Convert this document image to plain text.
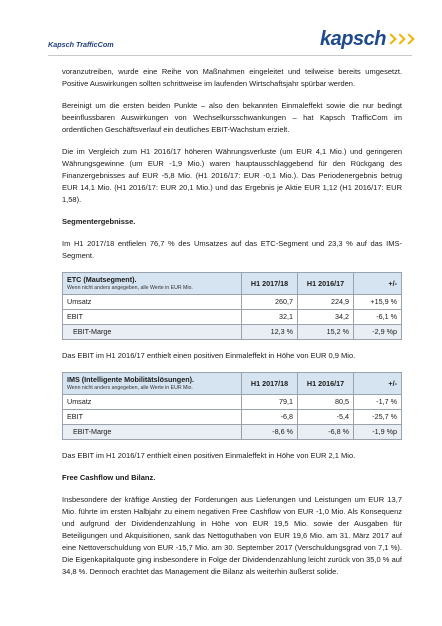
Kapsch TrafficCom	kapsch

voranzutreiben, wurde eine Reihe von Maßnahmen eingeleitet und teilweise bereits umgesetzt. Positive Auswirkungen sollten schrittweise im laufenden Wirtschaftsjahr spürbar werden.

Bereinigt um die ersten beiden Punkte – also den bekannten Einmaleffekt sowie die nur bedingt beeinflussbaren Auswirkungen von Wechselkursschwankungen – hat Kapsch TrafficCom im ordentlichen Geschäftsverlauf ein deutliches EBIT-Wachstum erzielt.

Die im Vergleich zum H1 2016/17 höheren Währungsverluste (um EUR 4,1 Mio.) und geringeren Währungsgewinne (um EUR -1,9 Mio.) waren hauptausschlaggebend für den Rückgang des Finanzergebnisses auf EUR -5,8 Mio. (H1 2016/17: EUR -0,1 Mio.). Das Periodenergebnis betrug EUR 14,1 Mio. (H1 2016/17: EUR 20,1 Mio.) und das Ergebnis je Aktie EUR 1,12 (H1 2016/17: EUR 1,58).

Segmentergebnisse.

Im H1 2017/18 entfielen 76,7 % des Umsatzes auf das ETC-Segment und 23,3 % auf das IMS-Segment.

ETC (Mautsegment).
Wenn nicht anders angegeben, alle Werte in EUR Mio.	H1 2017/18	H1 2016/17	+/-
Umsatz	260,7	224,9	+15,9 %
EBIT	32,1	34,2	-6,1 %
EBIT-Marge	12,3 %	15,2 %	-2,9 %p

Das EBIT im H1 2016/17 enthielt einen positiven Einmaleffekt in Höhe von EUR 0,9 Mio.

IMS (Intelligente Mobilitätslösungen).
Wenn nicht anders angegeben, alle Werte in EUR Mio.	H1 2017/18	H1 2016/17	+/-
Umsatz	79,1	80,5	-1,7 %
EBIT	-6,8	-5,4	-25,7 %
EBIT-Marge	-8,6 %	-6,8 %	-1,9 %p

Das EBIT im H1 2016/17 enthielt einen positiven Einmaleffekt in Höhe von EUR 2,1 Mio.

Free Cashflow und Bilanz.

Insbesondere der kräftige Anstieg der Forderungen aus Lieferungen und Leistungen um EUR 13,7 Mio. führte im ersten Halbjahr zu einem negativen Free Cashflow von EUR -1,0 Mio. Als Konsequenz und aufgrund der Dividendenzahlung in Höhe von EUR 19,5 Mio. sowie der Ausgaben für Beteiligungen und Akquisitionen, sank das Nettoguthaben von EUR 19,6 Mio. am 31. März 2017 auf eine Nettoverschuldung von EUR -15,7 Mio. am 30. September 2017 (Verschuldungsgrad von 7,1 %). Die Eigenkapitalquote ging insbesondere in Folge der Dividendenzahlung leicht zurück von 35,0 % auf 34,8 %. Dennoch erachtet das Management die Bilanz als weiterhin äußerst solide.
